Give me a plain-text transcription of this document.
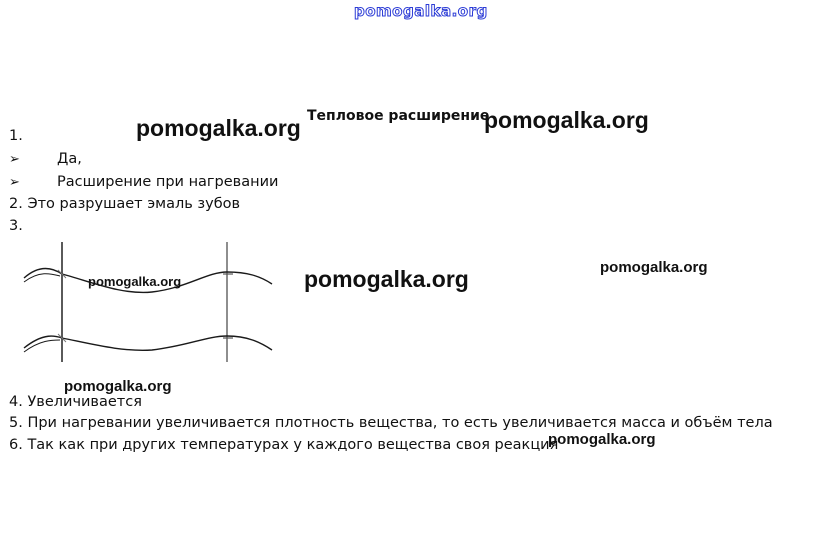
pomogalka.org
pomogalka.org Тепловое расширение
pomogalka.org
1.
➢	Да,
➢	Расширение при нагревании
2. Это разрушает эмаль зубов
3.
pomogalka.org	pomogalka.org	pomogalka.org
pomogalka.org
4. Увеличивается
5. При нагревании увеличивается плотность вещества, то есть увеличивается масса и объём тела
6. Так как при других температурах у каждого вещества своя реакция
pomogalka.org
